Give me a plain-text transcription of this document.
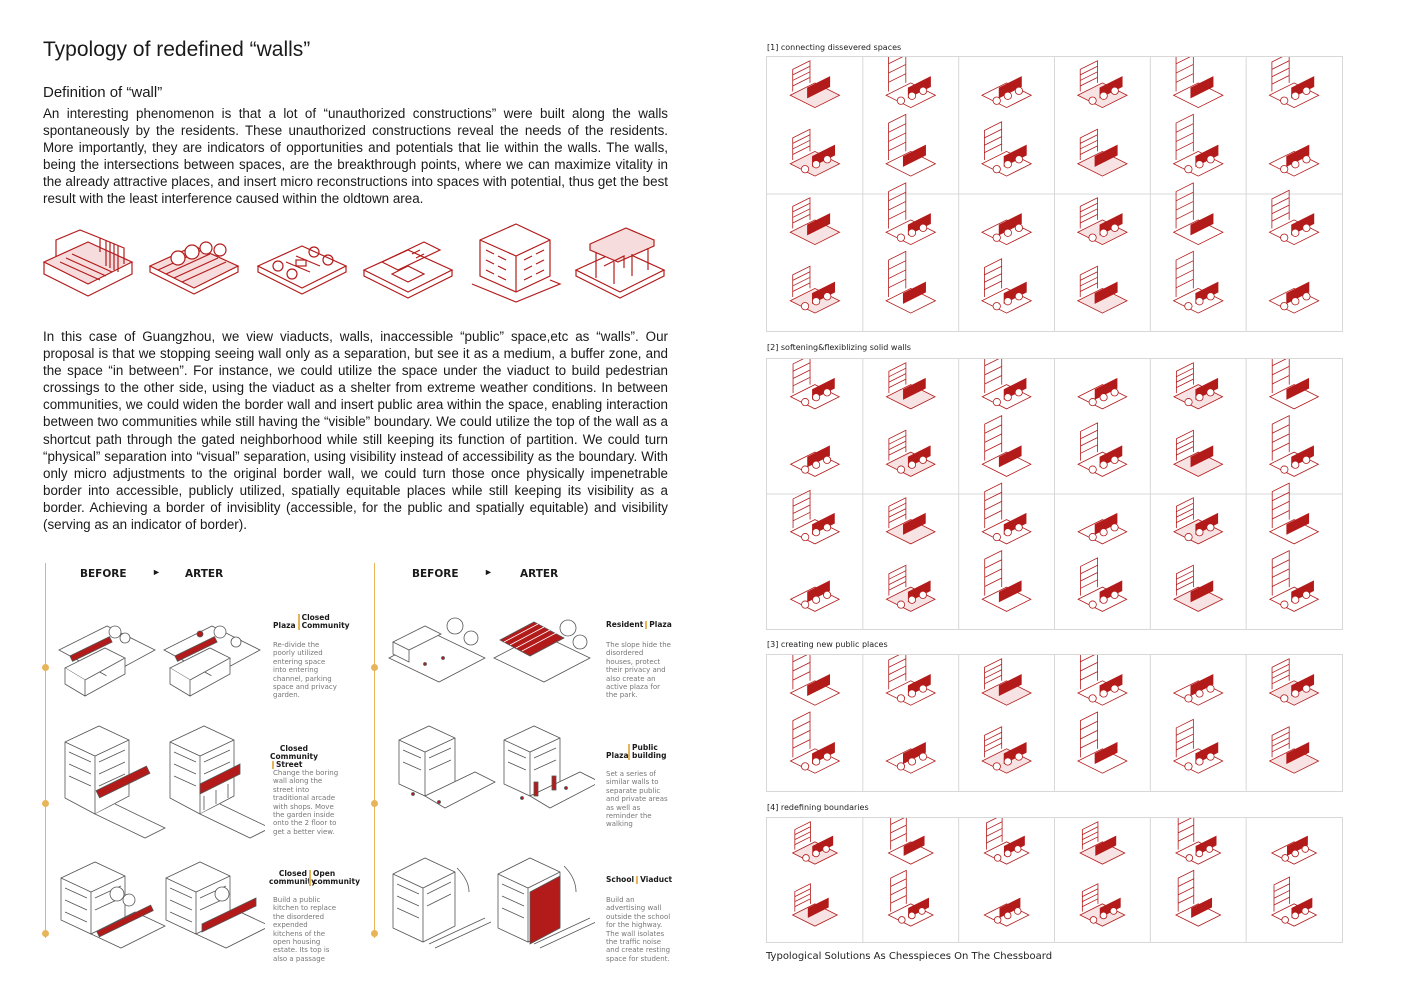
Typology of redefined “walls”
Definition of “wall”
An interesting phenomenon is that a lot of “unauthorized constructions” were built along the walls spontaneously by the residents. These unauthorized constructions reveal the needs of the residents. More importantly, they are indicators of opportunities and potentials that lie within the walls. The walls, being the intersections between spaces, are the breakthrough points, where we can maximize vitality in the already attractive places, and insert micro reconstructions into spaces with potential, thus get the best result with the least interference caused within the oldtown area.
In this case of Guangzhou, we view viaducts, walls, inaccessible “public” space,etc as “walls”. Our proposal is that we stopping seeing wall only as a separation, but see it as a medium, a buffer zone, and the space “in between”. For instance, we could utilize the space under the viaduct to build pedestrian crossings to the other side, using the viaduct as a shelter from extreme weather conditions. In between communities, we could widen the border wall and insert public area within the space, enabling interaction between two communities while still having the “visible” boundary. We could utilize the top of the wall as a shortcut path through the gated neighborhood while still keeping its function of partition. We could turn “physical” separation into “visual” separation, using visibility instead of accessibility as the boundary. With only micro adjustments to the original border wall, we could turn those once physically impenetrable border into accessible, publicly utilized, spatially equitable places while still keeping its visibility as a border. Achieving a border of invisiblity (accessible, for the public and spatially equitable) and visibility (serving as an indicator of border).
BEFORE	► ARTER	BEFORE	►	ARTER
PlazaClosed Community
Re-divide the poorly utilized entering space into entering channel, parking space and privacy garden.
Closed CommunityStreet
Change the boring wall along the street into traditional arcade with shops. Move the garden inside onto the 2 floor to get a better view.
Closed communityOpen community
Build a public kitchen to replace the disordered expended kitchens of the open housing estate. Its top is also a passage
Resident Plaza
The slope hide the disordered houses, protect their privacy and also create an active plaza for the park.
PlazaPublic building
Set a series of similar walls to separate public and private areas as well as reminder the walking
School Viaduct
Build an advertising wall outside the school for the highway. The wall isolates the traffic noise and create resting space for student.
[1] connecting dissevered spaces
[2] softening&flexiblizing solid walls
[3] creating new public places
[4] redefining boundaries
Typological Solutions As Chesspieces On The Chessboard
